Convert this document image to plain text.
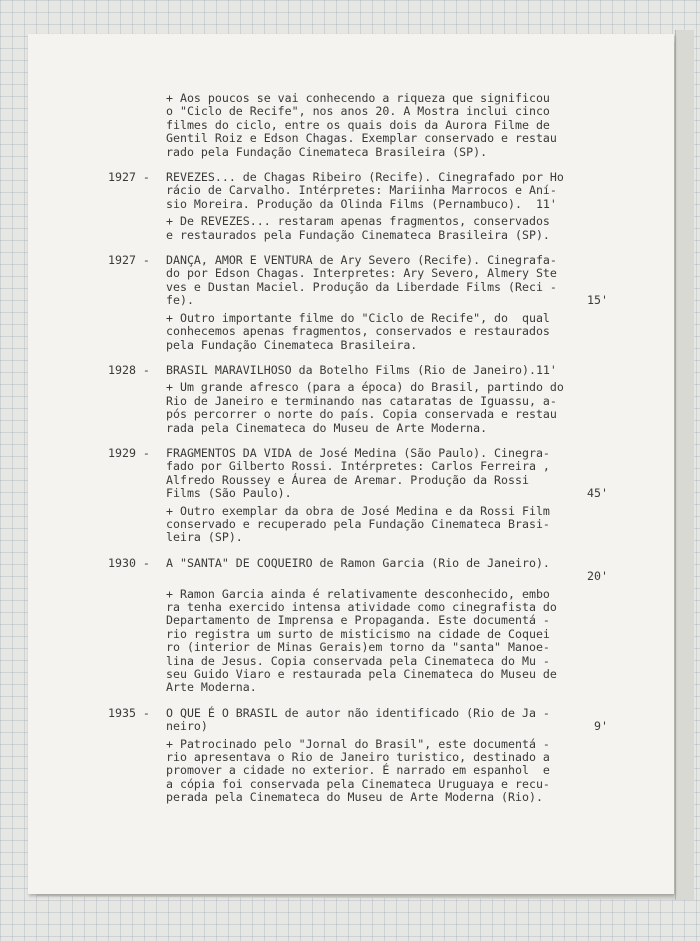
+ Aos poucos se vai conhecendo a riqueza que significou
o "Ciclo de Recife", nos anos 20. A Mostra inclui cinco
filmes do ciclo, entre os quais dois da Aurora Filme de
Gentil Roiz e Edson Chagas. Exemplar conservado e restau
rado pela Fundação Cinemateca Brasileira (SP).
1927 -	REVEZES... de Chagas Ribeiro (Recife). Cinegrafado por Ho
rácio de Carvalho. Intérpretes: Mariinha Marrocos e Aní-
sio Moreira. Produção da Olinda Films (Pernambuco).  11'
+ De REVEZES... restaram apenas fragmentos, conservados
e restaurados pela Fundação Cinemateca Brasileira (SP).
1927 -	DANÇA, AMOR E VENTURA de Ary Severo (Recife). Cinegrafa-
do por Edson Chagas. Interpretes: Ary Severo, Almery Ste
ves e Dustan Maciel. Produção da Liberdade Films (Reci -
fe).	15'
+ Outro importante filme do "Ciclo de Recife", do  qual
conhecemos apenas fragmentos, conservados e restaurados
pela Fundação Cinemateca Brasileira.
1928 -	BRASIL MARAVILHOSO da Botelho Films (Rio de Janeiro).11'
+ Um grande afresco (para a época) do Brasil, partindo do
Rio de Janeiro e terminando nas cataratas de Iguassu, a-
pós percorrer o norte do país. Copia conservada e restau
rada pela Cinemateca do Museu de Arte Moderna.
1929 -	FRAGMENTOS DA VIDA de José Medina (São Paulo). Cinegra-
fado por Gilberto Rossi. Intérpretes: Carlos Ferreira ,
Alfredo Roussey e Áurea de Aremar. Produção da Rossi
Films (São Paulo).	45'
+ Outro exemplar da obra de José Medina e da Rossi Film
conservado e recuperado pela Fundação Cinemateca Brasi-
leira (SP).
1930 -	A "SANTA" DE COQUEIRO de Ramon Garcia (Rio de Janeiro).
20'
+ Ramon Garcia ainda é relativamente desconhecido, embo
ra tenha exercido intensa atividade como cinegrafista do
Departamento de Imprensa e Propaganda. Este documentá -
rio registra um surto de misticismo na cidade de Coquei
ro (interior de Minas Gerais)em torno da "santa" Manoe-
lina de Jesus. Copia conservada pela Cinemateca do Mu -
seu Guido Viaro e restaurada pela Cinemateca do Museu de
Arte Moderna.
1935 -	O QUE É O BRASIL de autor não identificado (Rio de Ja -
neiro)	9'
+ Patrocinado pelo "Jornal do Brasil", este documentá -
rio apresentava o Rio de Janeiro turistico, destinado a
promover a cidade no exterior. É narrado em espanhol  e
a cópia foi conservada pela Cinemateca Uruguaya e recu-
perada pela Cinemateca do Museu de Arte Moderna (Rio).
